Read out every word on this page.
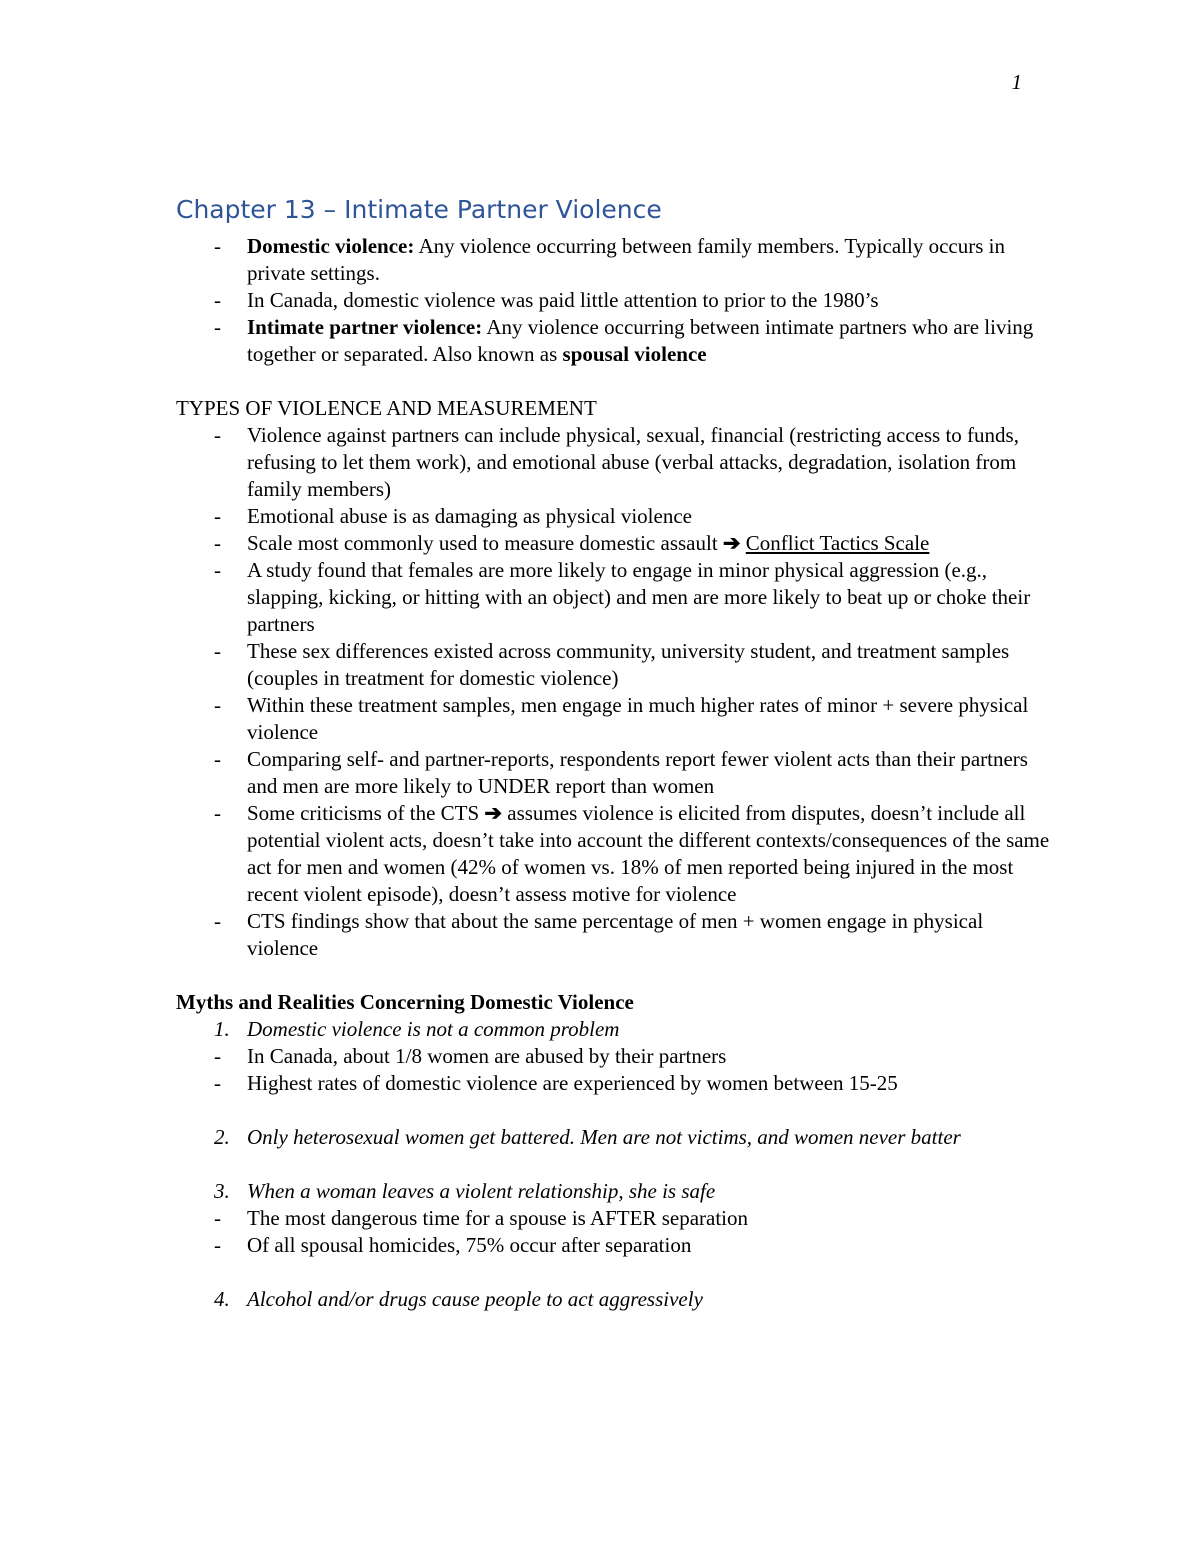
1
Chapter 13 – Intimate Partner Violence
- Domestic violence: Any violence occurring between family members. Typically occurs in private settings.
- In Canada, domestic violence was paid little attention to prior to the 1980’s
- Intimate partner violence: Any violence occurring between intimate partners who are living together or separated. Also known as spousal violence
TYPES OF VIOLENCE AND MEASUREMENT
- Violence against partners can include physical, sexual, financial (restricting access to funds, refusing to let them work), and emotional abuse (verbal attacks, degradation, isolation from family members)
- Emotional abuse is as damaging as physical violence
- Scale most commonly used to measure domestic assault ➔ Conflict Tactics Scale
- A study found that females are more likely to engage in minor physical aggression (e.g., slapping, kicking, or hitting with an object) and men are more likely to beat up or choke their partners
- These sex differences existed across community, university student, and treatment samples (couples in treatment for domestic violence)
- Within these treatment samples, men engage in much higher rates of minor + severe physical violence
- Comparing self- and partner-reports, respondents report fewer violent acts than their partners and men are more likely to UNDER report than women
- Some criticisms of the CTS ➔ assumes violence is elicited from disputes, doesn’t include all potential violent acts, doesn’t take into account the different contexts/consequences of the same act for men and women (42% of women vs. 18% of men reported being injured in the most recent violent episode), doesn’t assess motive for violence
- CTS findings show that about the same percentage of men + women engage in physical violence
Myths and Realities Concerning Domestic Violence
1. Domestic violence is not a common problem
- In Canada, about 1/8 women are abused by their partners
- Highest rates of domestic violence are experienced by women between 15-25
2. Only heterosexual women get battered. Men are not victims, and women never batter
3. When a woman leaves a violent relationship, she is safe
- The most dangerous time for a spouse is AFTER separation
- Of all spousal homicides, 75% occur after separation
4. Alcohol and/or drugs cause people to act aggressively
